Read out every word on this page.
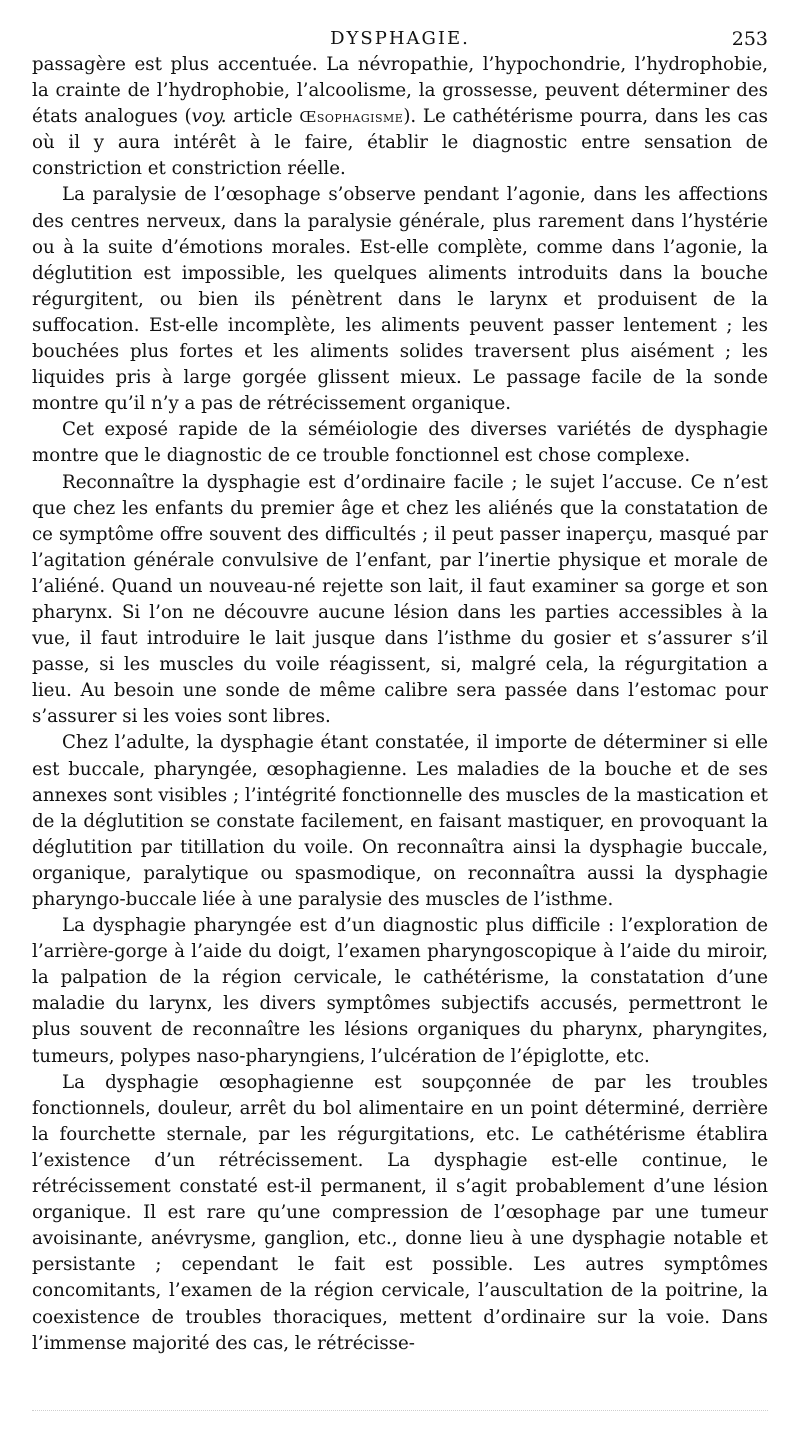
DYSPHAGIE.	253

passagère est plus accentuée. La névropathie, l’hypochondrie, l’hydrophobie, la crainte de l’hydrophobie, l’alcoolisme, la grossesse, peuvent déterminer des états analogues (voy. article Œsophagisme). Le cathétérisme pourra, dans les cas où il y aura intérêt à le faire, établir le diagnostic entre sensation de constriction et constriction réelle.

La paralysie de l’œsophage s’observe pendant l’agonie, dans les affections des centres nerveux, dans la paralysie générale, plus rarement dans l’hystérie ou à la suite d’émotions morales. Est-elle complète, comme dans l’agonie, la déglutition est impossible, les quelques aliments introduits dans la bouche régurgitent, ou bien ils pénètrent dans le larynx et produisent de la suffocation. Est-elle incomplète, les aliments peuvent passer lentement ; les bouchées plus fortes et les aliments solides traversent plus aisément ; les liquides pris à large gorgée glissent mieux. Le passage facile de la sonde montre qu’il n’y a pas de rétrécissement organique.

Cet exposé rapide de la séméiologie des diverses variétés de dysphagie montre que le diagnostic de ce trouble fonctionnel est chose complexe.

Reconnaître la dysphagie est d’ordinaire facile ; le sujet l’accuse. Ce n’est que chez les enfants du premier âge et chez les aliénés que la constatation de ce symptôme offre souvent des difficultés ; il peut passer inaperçu, masqué par l’agitation générale convulsive de l’enfant, par l’inertie physique et morale de l’aliéné. Quand un nouveau-né rejette son lait, il faut examiner sa gorge et son pharynx. Si l’on ne découvre aucune lésion dans les parties accessibles à la vue, il faut introduire le lait jusque dans l’isthme du gosier et s’assurer s’il passe, si les muscles du voile réagissent, si, malgré cela, la régurgitation a lieu. Au besoin une sonde de même calibre sera passée dans l’estomac pour s’assurer si les voies sont libres.

Chez l’adulte, la dysphagie étant constatée, il importe de déterminer si elle est buccale, pharyngée, œsophagienne. Les maladies de la bouche et de ses annexes sont visibles ; l’intégrité fonctionnelle des muscles de la mastication et de la déglutition se constate facilement, en faisant mastiquer, en provoquant la déglutition par titillation du voile. On reconnaîtra ainsi la dysphagie buccale, organique, paralytique ou spasmodique, on reconnaîtra aussi la dysphagie pharyngo-buccale liée à une paralysie des muscles de l’isthme.

La dysphagie pharyngée est d’un diagnostic plus difficile : l’exploration de l’arrière-gorge à l’aide du doigt, l’examen pharyngoscopique à l’aide du miroir, la palpation de la région cervicale, le cathétérisme, la constatation d’une maladie du larynx, les divers symptômes subjectifs accusés, permettront le plus souvent de reconnaître les lésions organiques du pharynx, pharyngites, tumeurs, polypes naso-pharyngiens, l’ulcération de l’épiglotte, etc.

La dysphagie œsophagienne est soupçonnée de par les troubles fonctionnels, douleur, arrêt du bol alimentaire en un point déterminé, derrière la fourchette sternale, par les régurgitations, etc. Le cathétérisme établira l’existence d’un rétrécissement. La dysphagie est-elle continue, le rétrécissement constaté est-il permanent, il s’agit probablement d’une lésion organique. Il est rare qu’une compression de l’œsophage par une tumeur avoisinante, anévrysme, ganglion, etc., donne lieu à une dysphagie notable et persistante ; cependant le fait est possible. Les autres symptômes concomitants, l’examen de la région cervicale, l’auscultation de la poitrine, la coexistence de troubles thoraciques, mettent d’ordinaire sur la voie. Dans l’immense majorité des cas, le rétrécisse-
